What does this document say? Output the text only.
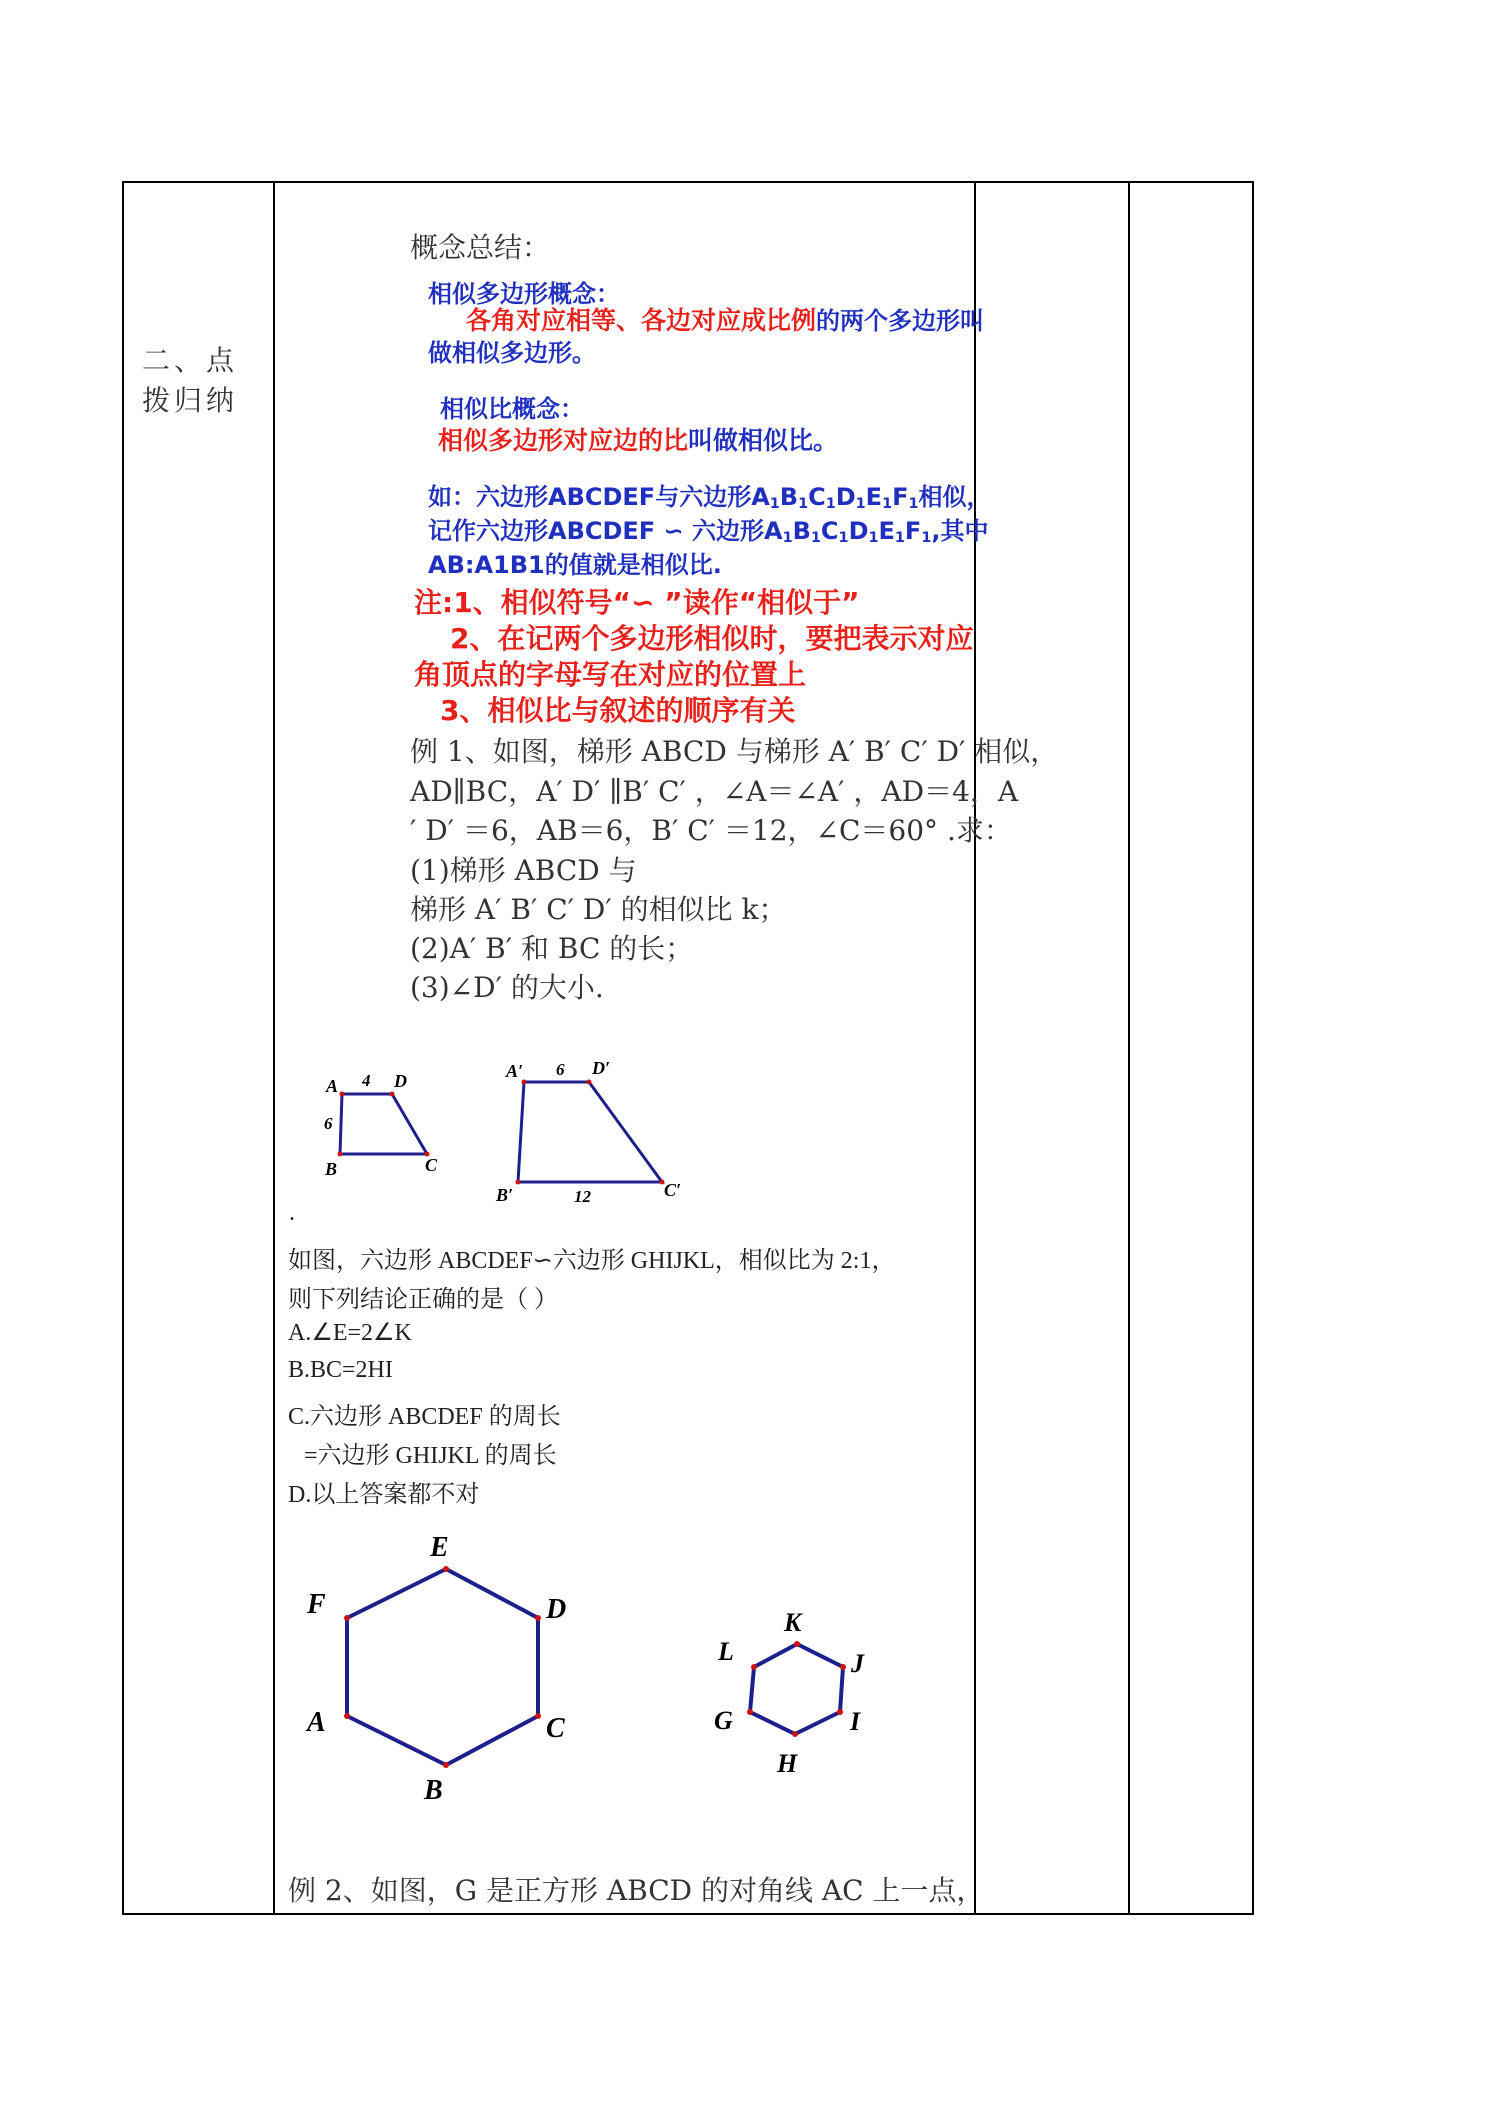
二、点拨归纳
概念总结：
相似多边形概念：
各角对应相等、各边对应成比例的两个多边形叫
做相似多边形。
相似比概念：
相似多边形对应边的比叫做相似比。
如：六边形ABCDEF与六边形$A_1B_1C_1D_1E_1F_1$相似，
记作六边形ABCDEF ∽ 六边形$A_1B_1C_1D_1E_1F_1$,其中
AB:A1B1的值就是相似比.
注:1、相似符号“∽ ”读作“相似于”
2、在记两个多边形相似时，要把表示对应
角顶点的字母写在对应的位置上
3、相似比与叙述的顺序有关
例 1、如图，梯形 ABCD 与梯形 A′ B′ C′ D′ 相似，
AD∥BC，A′ D′ ∥B′ C′ ，∠A＝∠A′ ，AD＝4，A
′ D′ ＝6，AB＝6，B′ C′ ＝12，∠C＝60° .求：
(1)梯形 ABCD 与
梯形 A′ B′ C′ D′ 的相似比 k；
(2)A′ B′ 和 BC 的长；
(3)∠D′ 的大小.
A 4 D
6
B	C
A′ 6 D′
B′	12	C′
.
如图，六边形 ABCDEF∽六边形 GHIJKL，相似比为 2:1，
则下列结论正确的是（ ）
A.∠E=2∠K
B.BC=2HI
C.六边形 ABCDEF 的周长
=六边形 GHIJKL 的周长
D.以上答案都不对
E
D
C
B
A
F
K
J
I
H
G
L
例 2、如图，G 是正方形 ABCD 的对角线 AC 上一点，
